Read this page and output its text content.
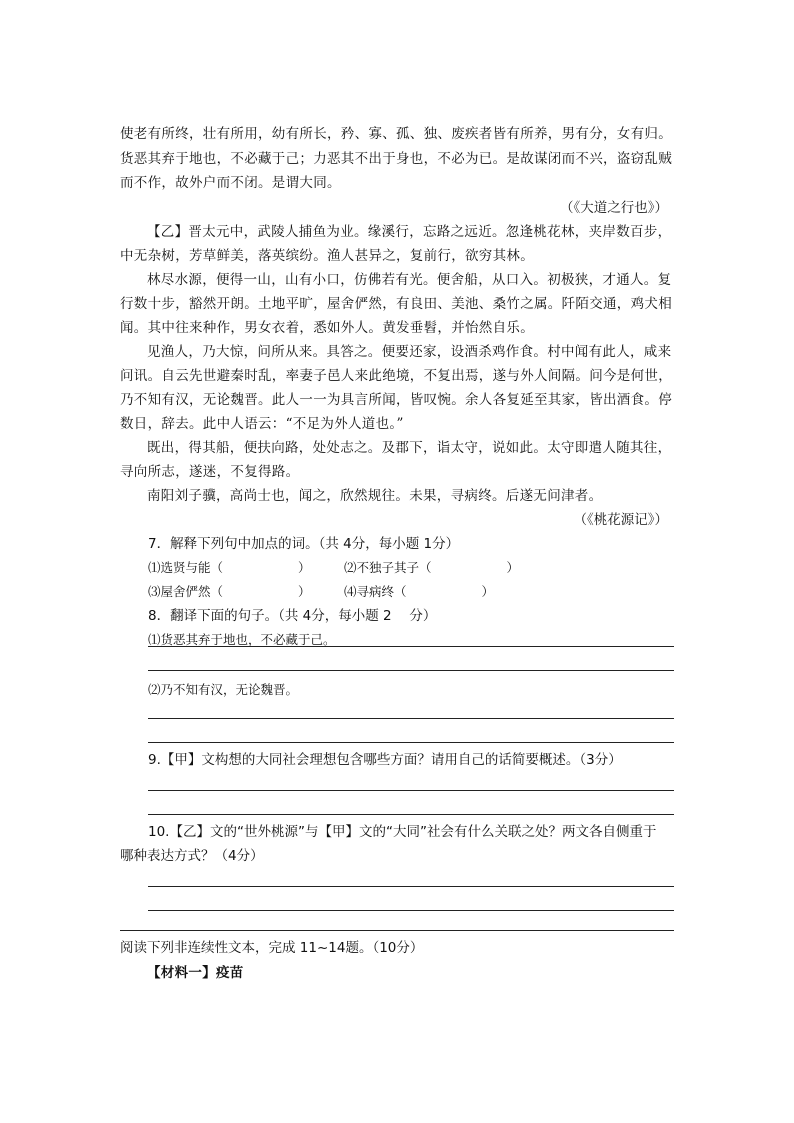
使老有所终，壮有所用，幼有所长，矜、寡、孤、独、废疾者皆有所养，男有分，女有归。
货恶其弃于地也，不必藏于己；力恶其不出于身也，不必为已。是故谋闭而不兴，盗窃乱贼
而不作，故外户而不闭。是谓大同。
（《大道之行也》）
【乙】晋太元中，武陵人捕鱼为业。缘溪行，忘路之远近。忽逢桃花林，夹岸数百步，
中无杂树，芳草鲜美，落英缤纷。渔人甚异之，复前行，欲穷其林。
林尽水源，便得一山，山有小口，仿佛若有光。便舍船，从口入。初极狭，才通人。复
行数十步，豁然开朗。土地平旷，屋舍俨然，有良田、美池、桑竹之属。阡陌交通，鸡犬相
闻。其中往来种作，男女衣着，悉如外人。黄发垂髫，并怡然自乐。
见渔人，乃大惊，问所从来。具答之。便要还家，设酒杀鸡作食。村中闻有此人，咸来
问讯。自云先世避秦时乱，率妻子邑人来此绝境，不复出焉，遂与外人间隔。问今是何世，
乃不知有汉，无论魏晋。此人一一为具言所闻，皆叹惋。余人各复延至其家，皆出酒食。停
数日，辞去。此中人语云：“不足为外人道也。”
既出，得其船，便扶向路，处处志之。及郡下，诣太守，说如此。太守即遣人随其往，
寻向所志，遂迷，不复得路。
南阳刘子骥，高尚士也，闻之，欣然规往。未果，寻病终。后遂无问津者。
（《桃花源记》）
7．解释下列句中加点的词。（共 4分，每小题 1分）
⑴选贤与能（　　　　　　）	⑵不独子其子（　　　　　　）
⑶屋舍俨然（　　　　　　）	⑷寻病终（　　　　　　）
8．翻译下面的句子。（共 4分，每小题 2　 分）
⑴货恶其弃于地也，不必藏于己。
⑵乃不知有汉，无论魏晋。
9.【甲】文构想的大同社会理想包含哪些方面？请用自己的话简要概述。（3分）
10.【乙】文的“世外桃源”与【甲】文的“大同”社会有什么关联之处？两文各自侧重于
哪种表达方式？（4分）
阅读下列非连续性文本，完成 11~14题。（10分）
【材料一】疫苗
